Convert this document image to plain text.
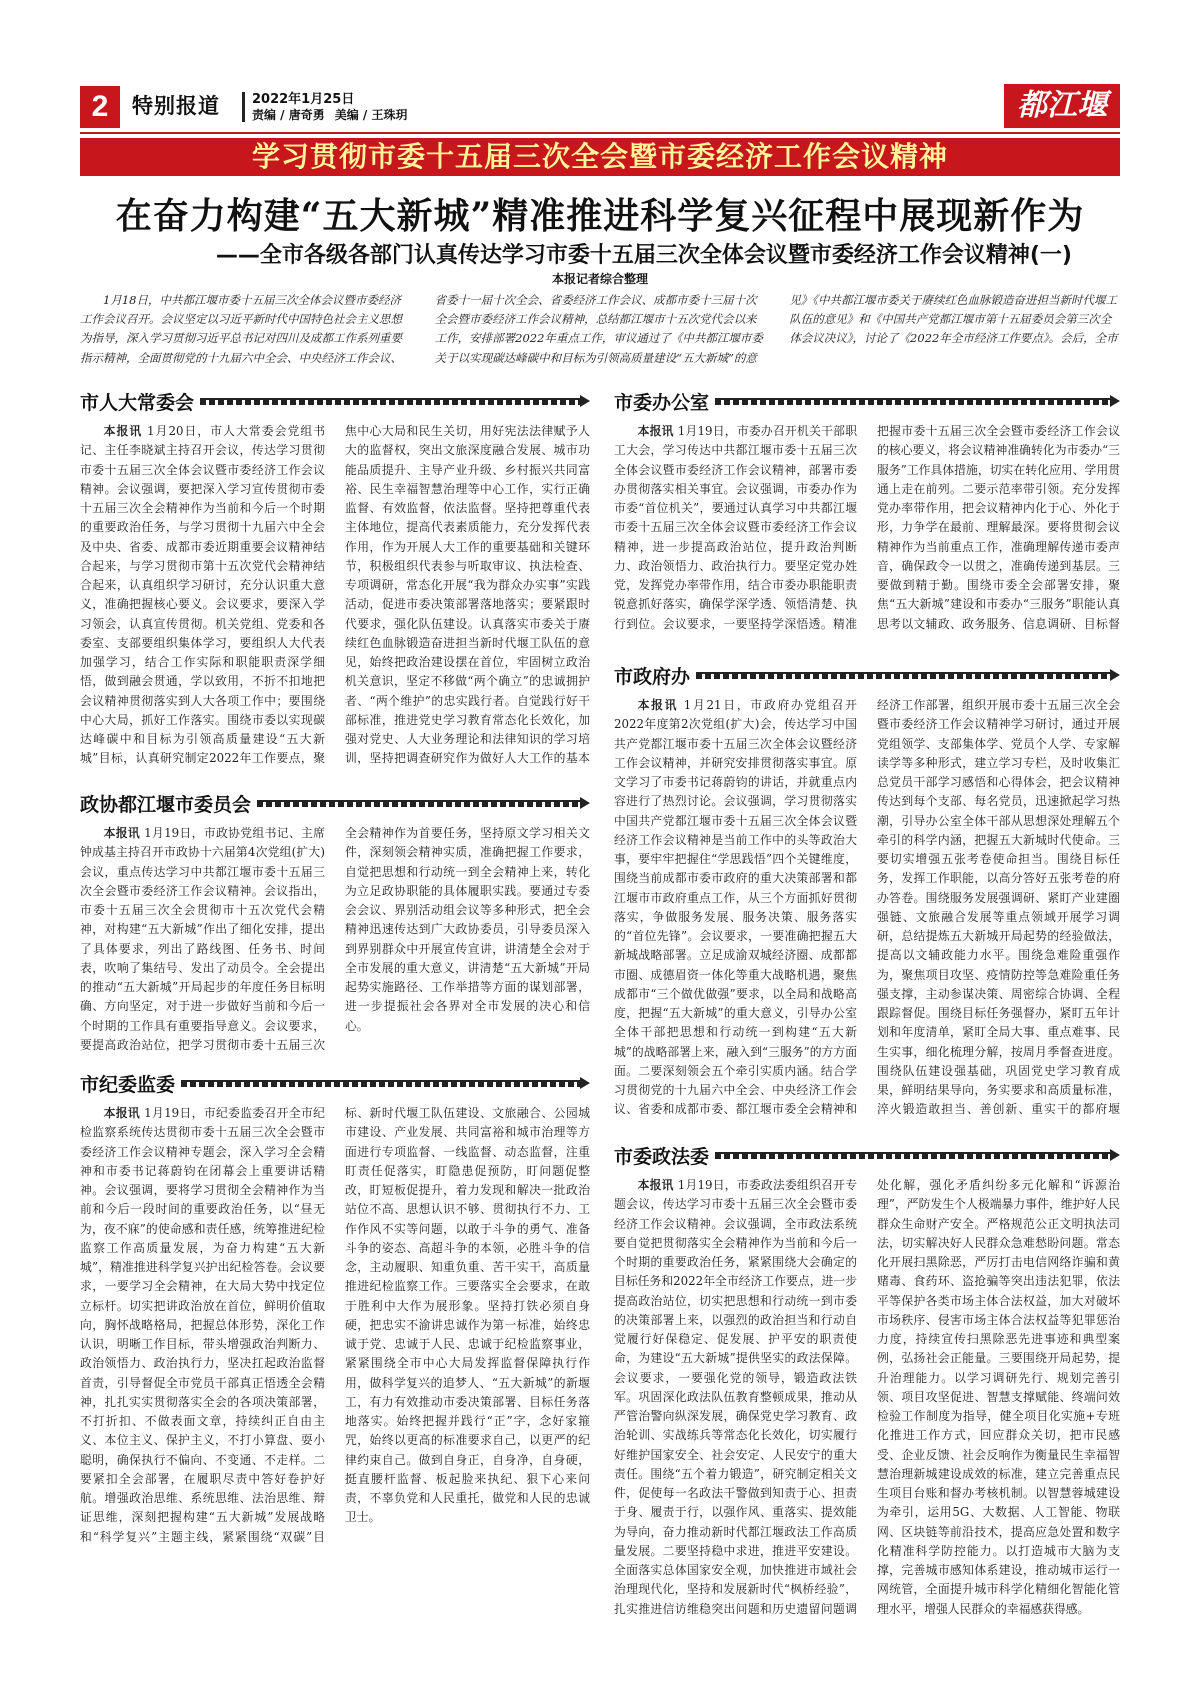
2	特别报道 2022年1月25日
责编 / 唐奇勇 美编 / 王珠玥	都江堰
学习贯彻市委十五届三次全会暨市委经济工作会议精神
在奋力构建“五大新城”精准推进科学复兴征程中展现新作为
——全市各级各部门认真传达学习市委十五届三次全体会议暨市委经济工作会议精神(一)
本报记者综合整理
1月18日，中共都江堰市委十五届三次全体会议暨市委经济工作会议召开。会议坚定以习近平新时代中国特色社会主义思想为指导，深入学习贯彻习近平总书记对四川及成都工作系列重要指示精神，全面贯彻党的十九届六中全会、中央经济工作会议、省委十一届十次全会、省委经济工作会议、成都市委十三届十次全会暨市委经济工作会议精神，总结都江堰市十五次党代会以来工作，安排部署2022年重点工作，审议通过了《中共都江堰市委关于以实现碳达峰碳中和目标为引领高质量建设“五大新城”的意见》《中共都江堰市委关于赓续红色血脉锻造奋进担当新时代堰工队伍的意见》和《中国共产党都江堰市第十五届委员会第三次全体会议决议》，讨论了《2022年全市经济工作要点》。会后，全市
市人大常委会

本报讯 1月20日，市人大常委会党组书记、主任李晓斌主持召开会议，传达学习贯彻市委十五届三次全体会议暨市委经济工作会议精神。会议强调，要把深入学习宣传贯彻市委十五届三次全会精神作为当前和今后一个时期的重要政治任务，与学习贯彻十九届六中全会及中央、省委、成都市委近期重要会议精神结合起来，与学习贯彻市第十五次党代会精神结合起来，认真组织学习研讨，充分认识重大意义，准确把握核心要义。会议要求，要深入学习领会，认真宣传贯彻。机关党组、党委和各委室、支部要组织集体学习，要组织人大代表加强学习，结合工作实际和职能职责深学细悟，做到融会贯通，学以致用，不折不扣地把会议精神贯彻落实到人大各项工作中；要围绕中心大局，抓好工作落实。围绕市委以实现碳达峰碳中和目标为引领高质量建设“五大新城”目标，认真研究制定2022年工作要点，聚焦中心大局和民生关切，用好宪法法律赋予人大的监督权，突出文旅深度融合发展、城市功能品质提升、主导产业升级、乡村振兴共同富裕、民生幸福智慧治理等中心工作，实行正确监督、有效监督，依法监督。坚持把尊重代表主体地位，提高代表素质能力，充分发挥代表作用，作为开展人大工作的重要基础和关键环节，积极组织代表参与听取审议、执法检查、专项调研，常态化开展“我为群众办实事”实践活动，促进市委决策部署落地落实；要紧跟时代要求，强化队伍建设。认真落实市委关于赓续红色血脉锻造奋进担当新时代堰工队伍的意见，始终把政治建设摆在首位，牢固树立政治机关意识，坚定不移做“两个确立”的忠诚拥护者、“两个维护”的忠实践行者。自觉践行好干部标准，推进党史学习教育常态化长效化，加强对党史、人大业务理论和法律知识的学习培训，坚持把调查研究作为做好人大工作的基本

政协都江堰市委员会

本报讯 1月19日，市政协党组书记、主席钟成基主持召开市政协十六届第4次党组(扩大)会议，重点传达学习中共都江堰市委十五届三次全会暨市委经济工作会议精神。会议指出，市委十五届三次全会贯彻市十五次党代会精神，对构建“五大新城”作出了细化安排，提出了具体要求，列出了路线图、任务书、时间表，吹响了集结号、发出了动员令。全会提出的推动“五大新城”开局起步的年度任务目标明确、方向坚定，对于进一步做好当前和今后一个时期的工作具有重要指导意义。会议要求，要提高政治站位，把学习贯彻市委十五届三次全会精神作为首要任务，坚持原文学习相关文件，深刻领会精神实质，准确把握工作要求，自觉把思想和行动统一到全会精神上来，转化为立足政协职能的具体履职实践。要通过专委会会议、界别活动组会议等多种形式，把全会精神迅速传达到广大政协委员，引导委员深入到界别群众中开展宣传宣讲，讲清楚全会对于全市发展的重大意义，讲清楚“五大新城”开局起势实施路径、工作举措等方面的谋划部署，进一步提振社会各界对全市发展的决心和信心。

市纪委监委

本报讯 1月19日，市纪委监委召开全市纪检监察系统传达贯彻市委十五届三次全会暨市委经济工作会议精神专题会，深入学习全会精神和市委书记蒋蔚钧在闭幕会上重要讲话精神。会议强调，要将学习贯彻全会精神作为当前和今后一段时间的重要政治任务，以“昼无为，夜不寐”的使命感和责任感，统筹推进纪检监察工作高质量发展，为奋力构建“五大新城”，精准推进科学复兴护出纪检答卷。会议要求，一要学习全会精神，在大局大势中找定位立标杆。切实把讲政治放在首位，鲜明价值取向，胸怀战略格局，把握总体形势，深化工作认识，明晰工作目标，带头增强政治判断力、政治领悟力、政治执行力，坚决扛起政治监督首责，引导督促全市党员干部真正悟透全会精神，扎扎实实贯彻落实全会的各项决策部署，不打折扣、不做表面文章，持续纠正自由主义、本位主义、保护主义，不打小算盘、耍小聪明，确保执行不偏向、不变通、不走样。二要紧扣全会部署，在履职尽责中答好卷护好航。增强政治思维、系统思维、法治思维、辩证思维，深刻把握构建“五大新城”发展战略和“科学复兴”主题主线，紧紧围绕“双碳”目标、新时代堰工队伍建设、文旅融合、公园城市建设、产业发展、共同富裕和城市治理等方面进行专项监督、一线监督、动态监督，注重盯责任促落实，盯隐患促预防，盯问题促整改，盯短板促提升，着力发现和解决一批政治站位不高、思想认识不够、贯彻执行不力、工作作风不实等问题，以敢于斗争的勇气、准备斗争的姿态、高超斗争的本领，必胜斗争的信念，主动履职、知重负重、苦干实干，高质量推进纪检监察工作。三要落实全会要求，在敢于胜利中大作为展形象。坚持打铁必须自身硬，把忠实不渝讲忠诚作为第一标准，始终忠诚于党、忠诚于人民、忠诚于纪检监察事业，紧紧围绕全市中心大局发挥监督保障执行作用，做科学复兴的追梦人、“五大新城”的新堰工，有力有效推动市委决策部署、目标任务落地落实。始终把握并践行“正”字，念好家箍咒，始终以更高的标准要求自己，以更严的纪律约束自己。做到自身正，自身净，自身硬，挺直腰杆监督、板起脸来执纪、狠下心来问责，不辜负党和人民重托，做党和人民的忠诚卫士。

市委办公室

本报讯 1月19日，市委办召开机关干部职工大会，学习传达中共都江堰市委十五届三次全体会议暨市委经济工作会议精神，部署市委办贯彻落实相关事宜。会议强调，市委办作为市委“首位机关”，要通过认真学习中共都江堰市委十五届三次全体会议暨市委经济工作会议精神，进一步提高政治站位，提升政治判断力、政治领悟力、政治执行力。要坚定党办姓党，发挥党办率带作用，结合市委办职能职责锐意抓好落实，确保学深学透、领悟清楚、执行到位。会议要求，一要坚持学深悟透。精准把握市委十五届三次全会暨市委经济工作会议的核心要义，将会议精神准确转化为市委办“三服务”工作具体措施，切实在转化应用、学用贯通上走在前列。二要示范率带引领。充分发挥党办率带作用，把会议精神内化于心、外化于形，力争学在最前、理解最深。要将贯彻会议精神作为当前重点工作，准确理解传递市委声音，确保政令一以贯之，准确传递到基层。三要做到精于勤。围绕市委全会部署安排，聚焦“五大新城”建设和市委办“三服务”职能认真思考以文辅政、政务服务、信息调研、目标督

市政府办

本报讯 1月21日，市政府办党组召开2022年度第2次党组(扩大)会，传达学习中国共产党都江堰市委十五届三次全体会议暨经济工作会议精神，并研究安排贯彻落实事宜。原文学习了市委书记蒋蔚钧的讲话，并就重点内容进行了热烈讨论。会议强调，学习贯彻落实中国共产党都江堰市委十五届三次全体会议暨经济工作会议精神是当前工作中的头等政治大事，要牢牢把握住“学思践悟”四个关键维度，围绕当前成都市委市政府的重大决策部署和都江堰市市政府重点工作，从三个方面抓好贯彻落实，争做服务发展、服务决策、服务落实的“首位先锋”。会议要求，一要准确把握五大新城战略部署。立足成渝双城经济圈、成都都市圈、成德眉资一体化等重大战略机遇，聚焦成都市“三个做优做强”要求，以全局和战略高度，把握“五大新城”的重大意义，引导办公室全体干部把思想和行动统一到构建“五大新城”的战略部署上来，融入到“三服务”的方方面面。二要深刻领会五个牵引实质内涵。结合学习贯彻党的十九届六中全会、中央经济工作会议、省委和成都市委、都江堰市委全会精神和经济工作部署，组织开展市委十五届三次全会暨市委经济工作会议精神学习研讨，通过开展党组领学、支部集体学、党员个人学、专家解读学等多种形式，建立学习专栏，及时收集汇总党员干部学习感悟和心得体会，把会议精神传达到每个支部、每名党员，迅速掀起学习热潮，引导办公室全体干部从思想深处理解五个牵引的科学内涵，把握五大新城时代使命。三要切实增强五张考卷使命担当。围绕目标任务，发挥工作职能，以高分答好五张考卷的府办答卷。围绕服务发展强调研、紧盯产业建圈强链、文旅融合发展等重点领域开展学习调研，总结提炼五大新城开局起势的经验做法，提高以文辅政能力水平。围绕急难险重强作为，聚焦项目攻坚、疫情防控等急难险重任务强支撑，主动参谋决策、周密综合协调、全程跟踪督促。围绕目标任务强督办，紧盯五年计划和年度清单，紧盯全局大事、重点难事、民生实事，细化梳理分解，按周月季督查进度。围绕队伍建设强基础，巩固党史学习教育成果，鲜明结果导向，务实要求和高质量标准，淬火锻造敢担当、善创新、重实干的都府堰

市委政法委

本报讯 1月19日，市委政法委组织召开专题会议，传达学习市委十五届三次全会暨市委经济工作会议精神。会议强调，全市政法系统要自觉把贯彻落实全会精神作为当前和今后一个时期的重要政治任务，紧紧围绕大会确定的目标任务和2022年全市经济工作要点，进一步提高政治站位，切实把思想和行动统一到市委的决策部署上来，以强烈的政治担当和行动自觉履行好保稳定、促发展、护平安的职责使命，为建设“五大新城”提供坚实的政法保障。会议要求，一要强化党的领导，锻造政法铁军。巩固深化政法队伍教育整顿成果，推动从严管治警向纵深发展，确保党史学习教育、政治轮训、实战练兵等常态化长效化，切实履行好维护国家安全、社会安定、人民安宁的重大责任。围绕“五个着力锻造”，研究制定相关文件，促使每一名政法干警做到知责于心、担责于身、履责于行，以强作风、重落实、提效能为导向，奋力推动新时代都江堰政法工作高质量发展。二要坚持稳中求进，推进平安建设。全面落实总体国家安全观，加快推进市域社会治理现代化，坚持和发展新时代“枫桥经验”，扎实推进信访维稳突出问题和历史遗留问题调处化解，强化矛盾纠纷多元化解和“诉源治理”，严防发生个人极端暴力事件，维护好人民群众生命财产安全。严格规范公正文明执法司法，切实解决好人民群众急难愁盼问题。常态化开展扫黑除恶，严厉打击电信网络诈骗和黄赌毒、食药环、盗抢骗等突出违法犯罪，依法平等保护各类市场主体合法权益，加大对破坏市场秩序、侵害市场主体合法权益等犯罪惩治力度，持续宣传扫黑除恶先进事迹和典型案例，弘扬社会正能量。三要围绕开局起势，提升治理能力。以学习调研先行、规划完善引领、项目攻坚促进、智慧支撑赋能、终端问效检验工作制度为指导，健全项目化实施+专班化推进工作方式，回应群众关切，把市民感受、企业反馈、社会反响作为衡量民生幸福智慧治理新城建设成效的标准，建立完善重点民生项目台账和督办考核机制。以智慧蓉城建设为牵引，运用5G、大数据、人工智能、物联网、区块链等前沿技术，提高应急处置和数字化精准科学防控能力。以打造城市大脑为支撑，完善城市感知体系建设，推动城市运行一网统管，全面提升城市科学化精细化智能化管理水平，增强人民群众的幸福感获得感。
